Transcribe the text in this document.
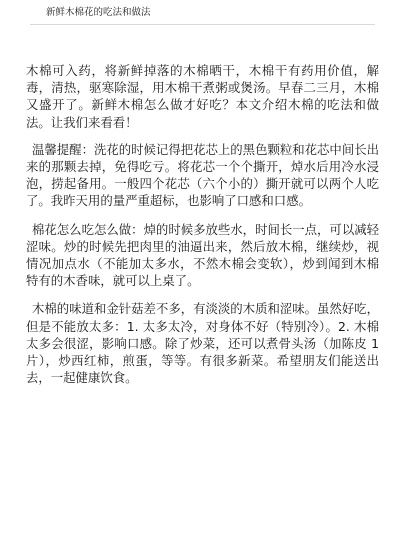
新鲜木棉花的吃法和做法

木棉可入药，将新鲜掉落的木棉晒干，木棉干有药用价值，解毒，清热，驱寒除湿，用木棉干煮粥或煲汤。早春二三月，木棉又盛开了。新鲜木棉怎么做才好吃？本文介绍木棉的吃法和做法。让我们来看看！

温馨提醒：洗花的时候记得把花芯上的黑色颗粒和花芯中间长出来的那颗去掉，免得吃亏。将花芯一个个撕开，焯水后用冷水浸泡，捞起备用。一般四个花芯（六个小的）撕开就可以两个人吃了。我昨天用的量严重超标，也影响了口感和口感。

棉花怎么吃怎么做：焯的时候多放些水，时间长一点，可以减轻涩味。炒的时候先把肉里的油逼出来，然后放木棉，继续炒，视情况加点水（不能加太多水，不然木棉会变软），炒到闻到木棉特有的木香味，就可以上桌了。

木棉的味道和金针菇差不多，有淡淡的木质和涩味。虽然好吃，但是不能放太多：1. 太多太冷，对身体不好（特别冷）。2. 木棉太多会很涩，影响口感。除了炒菜，还可以煮骨头汤（加陈皮 1 片），炒西红柿，煎蛋，等等。有很多新菜。希望朋友们能送出去，一起健康饮食。
